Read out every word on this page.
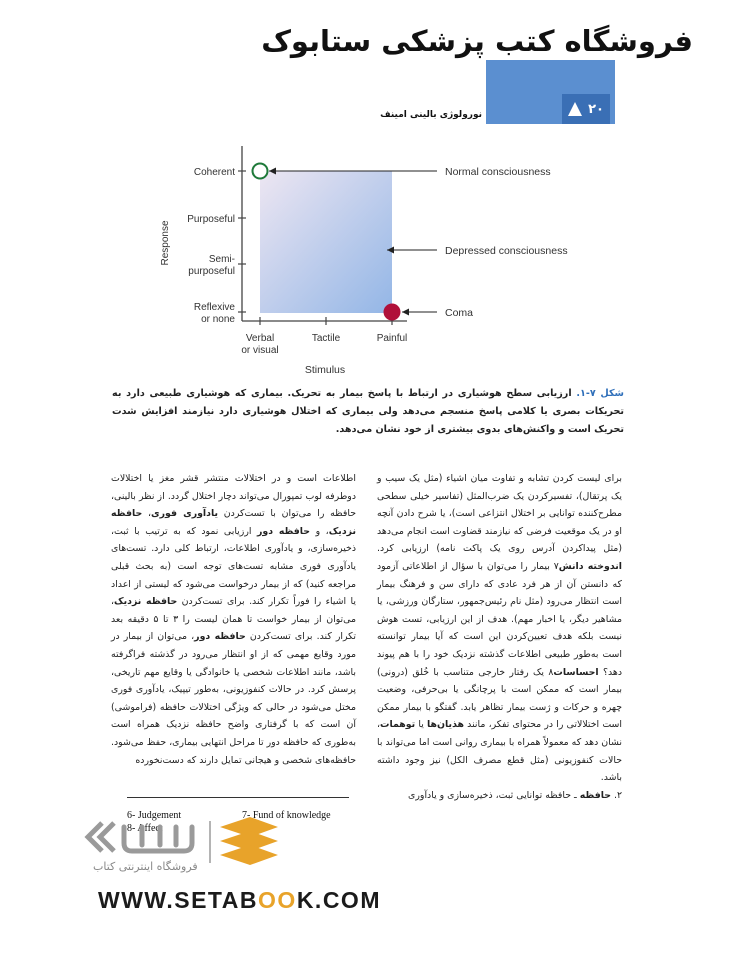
فروشگاه کتب پزشکی ستابوک
۲۰
نورولوژی بالینی امینف
Coherent
Purposeful
Semi-purposeful
Reflexive or none
Verbal or visual
Tactile	Painful
Response
Stimulus
Normal consciousness
Depressed consciousness
Coma
شکل ۷-۱. ارزیابی سطح هوشیاری در ارتباط با پاسخ بیمار به تحریک. بیماری که هوشیاری طبیعی دارد به تحریکات بصری یا کلامی پاسخ منسجم می‌دهد ولی بیماری که اختلال هوشیاری دارد نیازمند افزایش شدت تحریک است و واکنش‌های بدوی بیشتری از خود نشان می‌دهد.
برای لیست کردن تشابه و تفاوت میان اشیاء (مثل یک سیب و یک پرتقال)، تفسیرکردن یک ضرب‌المثل (تفاسیر خیلی سطحی مطرح‌کننده توانایی بر اختلال انتزاعی است)، یا شرح دادن آنچه او در یک موقعیت فرضی که نیازمند قضاوت است انجام می‌دهد (مثل پیداکردن آدرس روی یک پاکت نامه) ارزیابی کرد. اندوخته دانش۷ بیمار را می‌توان با سؤال از اطلاعاتی آزمود که دانستن آن از هر فرد عادی که دارای سن و فرهنگ بیمار است انتظار می‌رود (مثل نام رئیس‌جمهور، ستارگان ورزشی، یا مشاهیر دیگر، یا اخبار مهم). هدف از این ارزیابی، تست هوش نیست بلکه هدف تعیین‌کردن این است که آیا بیمار توانسته است به‌طور طبیعی اطلاعات گذشته نزدیک خود را با هم پیوند دهد؟ احساسات۸ یک رفتار خارجی متناسب با خُلق (درونی) بیمار است که ممکن است با پرچانگی یا بی‌حرفی، وضعیت چهره و حرکات و ژست بیمار تظاهر یابد. گفتگو با بیمار ممکن است اختلالاتی را در محتوای تفکر، مانند هذیان‌ها یا توهمات، نشان دهد که معمولاً همراه با بیماری روانی است اما می‌تواند با حالات کنفوزیونی (مثل قطع مصرف الکل) نیز وجود داشته باشد.
۲. حافظه ـ حافظه توانایی ثبت، ذخیره‌سازی و یادآوری
اطلاعات است و در اختلالات منتشر قشر مغز یا اختلالات دوطرفه لوب تمپورال می‌تواند دچار اختلال گردد. از نظر بالینی، حافظه را می‌توان با تست‌کردن یادآوری فوری، حافظه نزدیک، و حافظه دور ارزیابی نمود که به ترتیب با ثبت، ذخیره‌سازی، و یادآوری اطلاعات، ارتباط کلی دارد. تست‌های یادآوری فوری مشابه تست‌های توجه است (به بحث قبلی مراجعه کنید) که از بیمار درخواست می‌شود که لیستی از اعداد یا اشیاء را فوراً تکرار کند. برای تست‌کردن حافظه نزدیک، می‌توان از بیمار خواست تا همان لیست را ۳ تا ۵ دقیقه بعد تکرار کند. برای تست‌کردن حافظه دور، می‌توان از بیمار در مورد وقایع مهمی که از او انتظار می‌رود در گذشته فراگرفته باشد، مانند اطلاعات شخصی یا خانوادگی یا وقایع مهم تاریخی، پرسش کرد. در حالات کنفوزیونی، به‌طور تیپیک، یادآوری فوری مختل می‌شود در حالی که ویژگی اختلالات حافظه (فراموشی) آن است که با گرفتاری واضح حافظه نزدیک همراه است به‌طوری که حافظه دور تا مراحل انتهایی بیماری، حفظ می‌شود. حافظه‌های شخصی و هیجانی تمایل دارند که دست‌نخورده
6- Judgement
8- Affect
7- Fund of knowledge
فروشگاه اینترنتی کتاب
WWW.SETABOOK.COM
